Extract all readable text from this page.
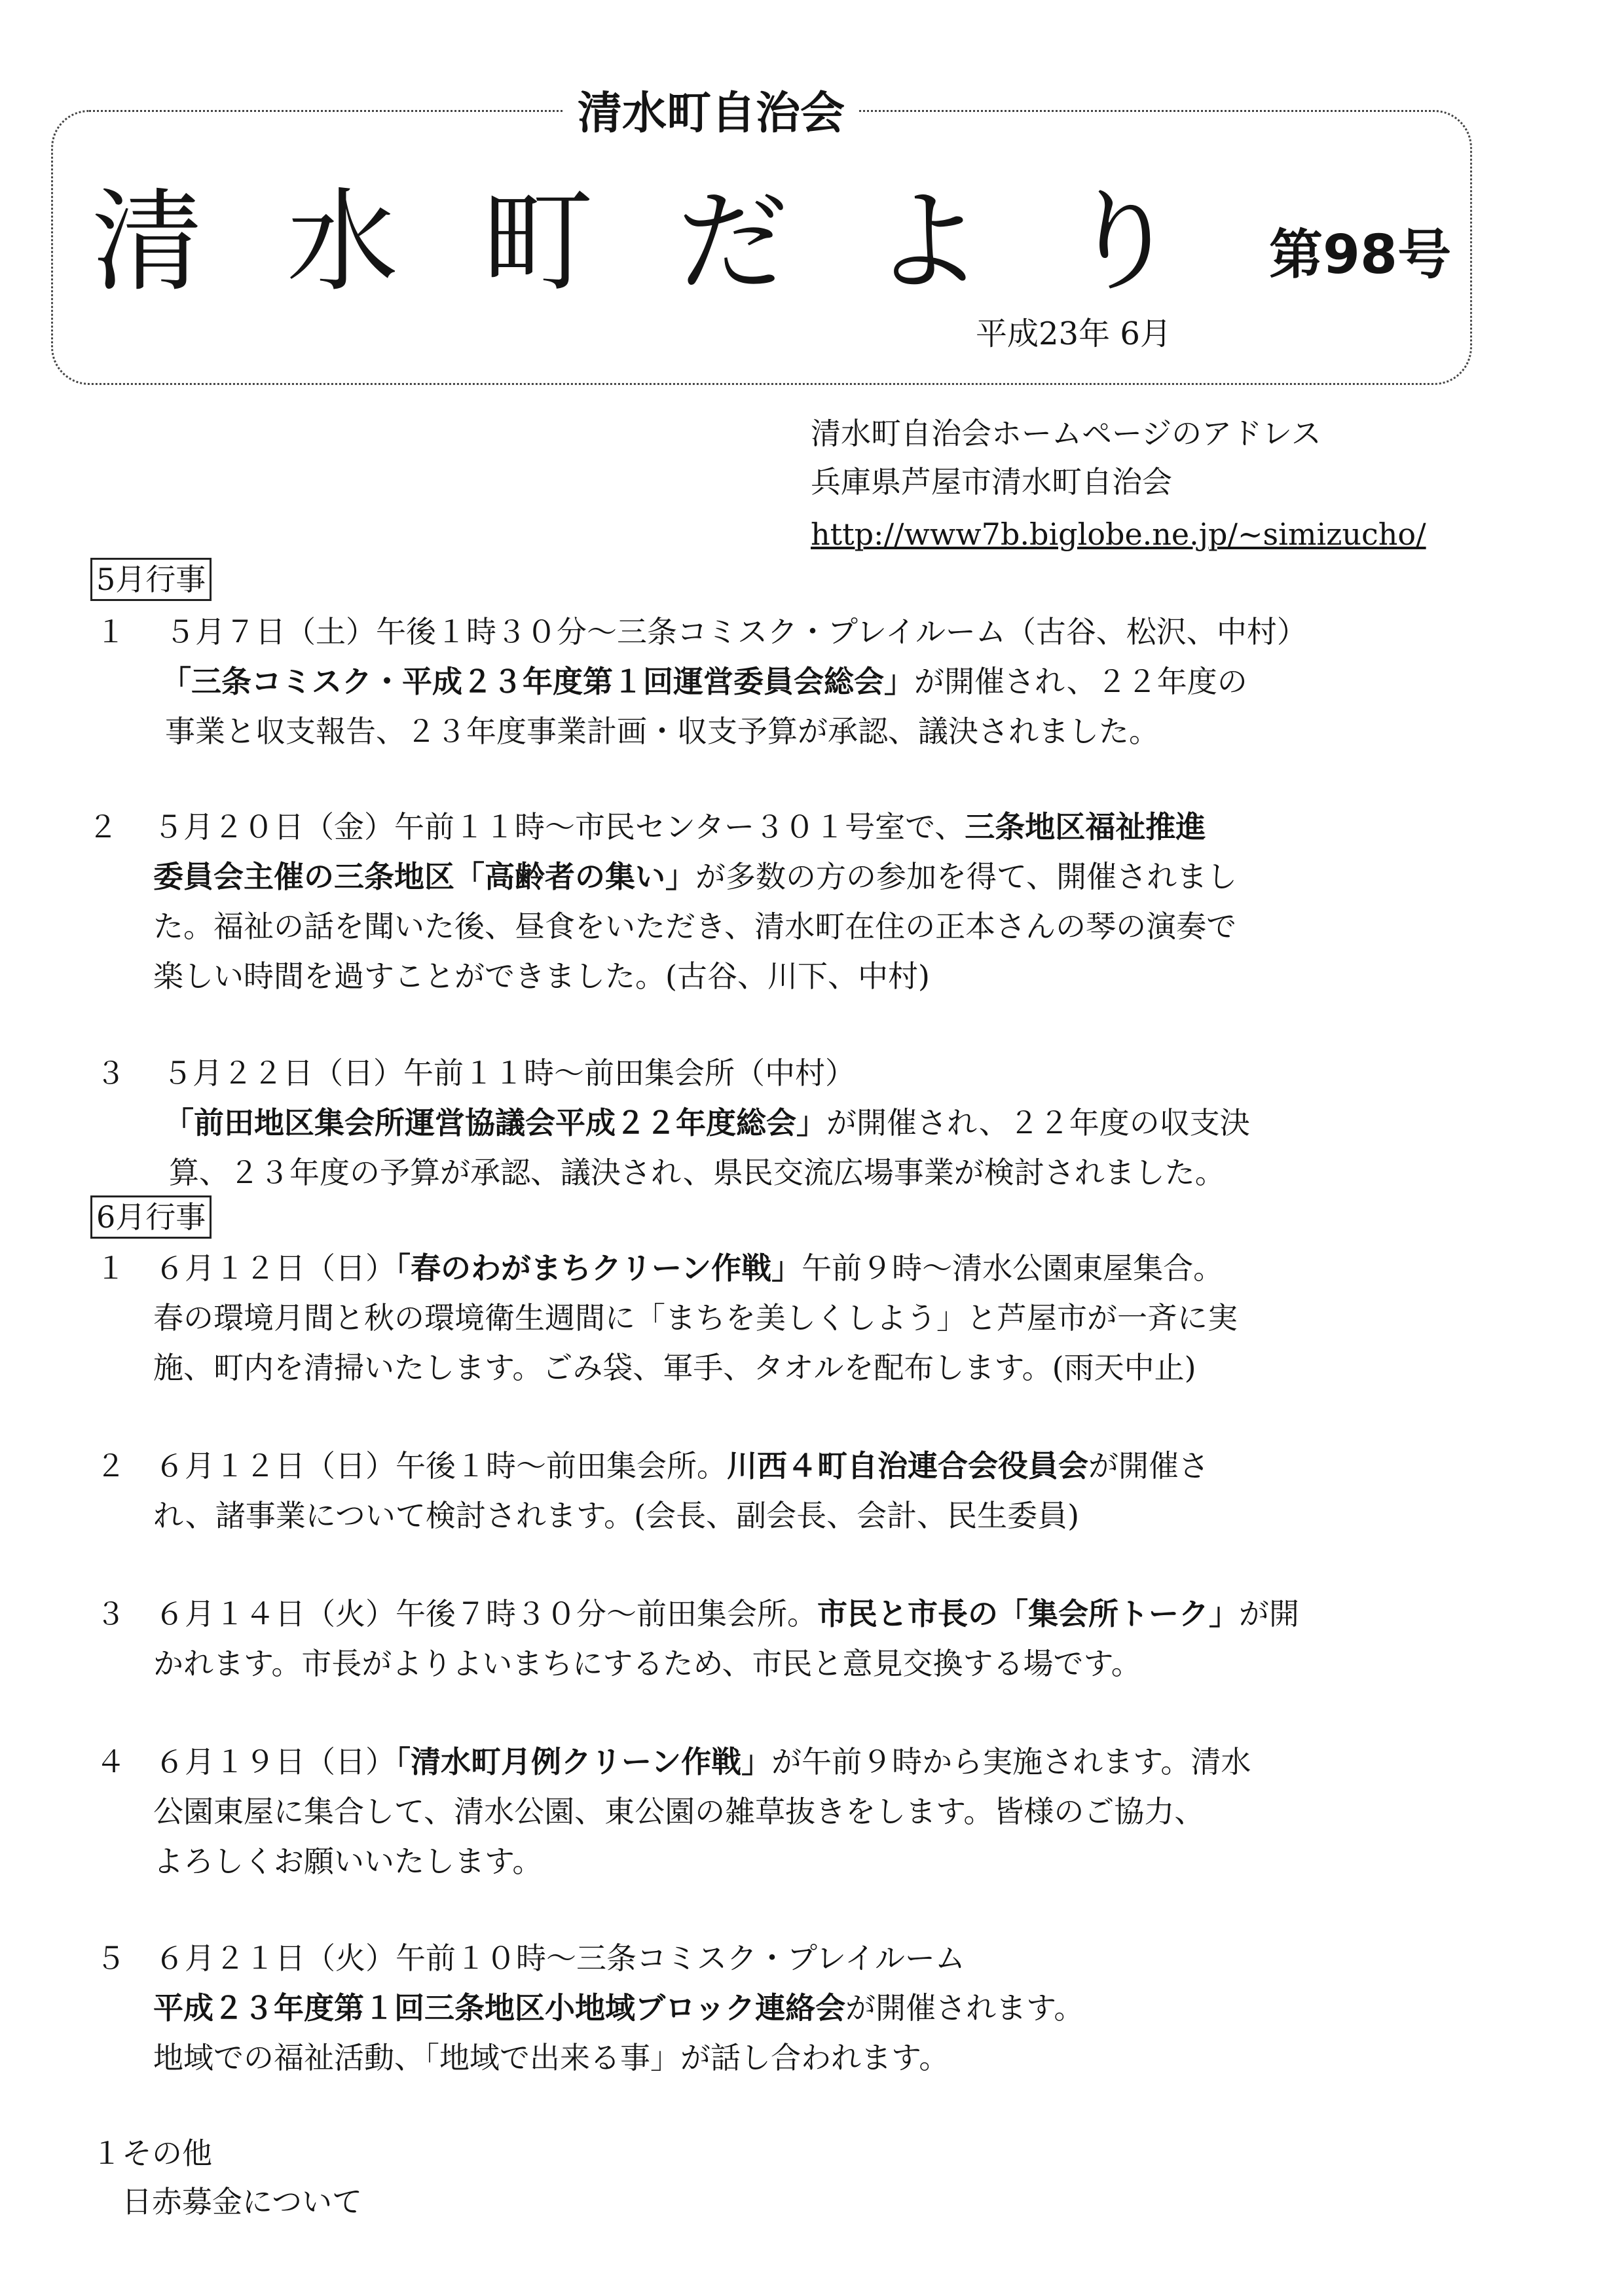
清水町自治会
清 水 町 だ よ り 第98号
平成23年 6月
清水町自治会ホームページのアドレス
兵庫県芦屋市清水町自治会
http://www7b.biglobe.ne.jp/~simizucho/
5月行事
１ ５月７日（土）午後１時３０分～三条コミスク・プレイルーム（古谷、松沢、中村）
「三条コミスク・平成２３年度第１回運営委員会総会」が開催され、２２年度の
事業と収支報告、２３年度事業計画・収支予算が承認、議決されました。
２ ５月２０日（金）午前１１時～市民センター３０１号室で、三条地区福祉推進
委員会主催の三条地区「高齢者の集い」が多数の方の参加を得て、開催されまし
た。福祉の話を聞いた後、昼食をいただき、清水町在住の正本さんの琴の演奏で
楽しい時間を過すことができました。(古谷、川下、中村)
３ ５月２２日（日）午前１１時～前田集会所（中村）
「前田地区集会所運営協議会平成２２年度総会」が開催され、２２年度の収支決
算、２３年度の予算が承認、議決され、県民交流広場事業が検討されました。
6月行事
１ ６月１２日（日）「春のわがまちクリーン作戦」午前９時～清水公園東屋集合。
春の環境月間と秋の環境衛生週間に「まちを美しくしよう」と芦屋市が一斉に実
施、町内を清掃いたします。ごみ袋、軍手、タオルを配布します。(雨天中止)
２ ６月１２日（日）午後１時～前田集会所。川西４町自治連合会役員会が開催さ
れ、諸事業について検討されます。(会長、副会長、会計、民生委員)
３ ６月１４日（火）午後７時３０分～前田集会所。市民と市長の「集会所トーク」が開
かれます。市長がよりよいまちにするため、市民と意見交換する場です。
４ ６月１９日（日）「清水町月例クリーン作戦」が午前９時から実施されます。清水
公園東屋に集合して、清水公園、東公園の雑草抜きをします。皆様のご協力、
よろしくお願いいたします。
５ ６月２１日（火）午前１０時～三条コミスク・プレイルーム
平成２３年度第１回三条地区小地域ブロック連絡会が開催されます。
地域での福祉活動、「地域で出来る事」が話し合われます。
１その他
日赤募金について
